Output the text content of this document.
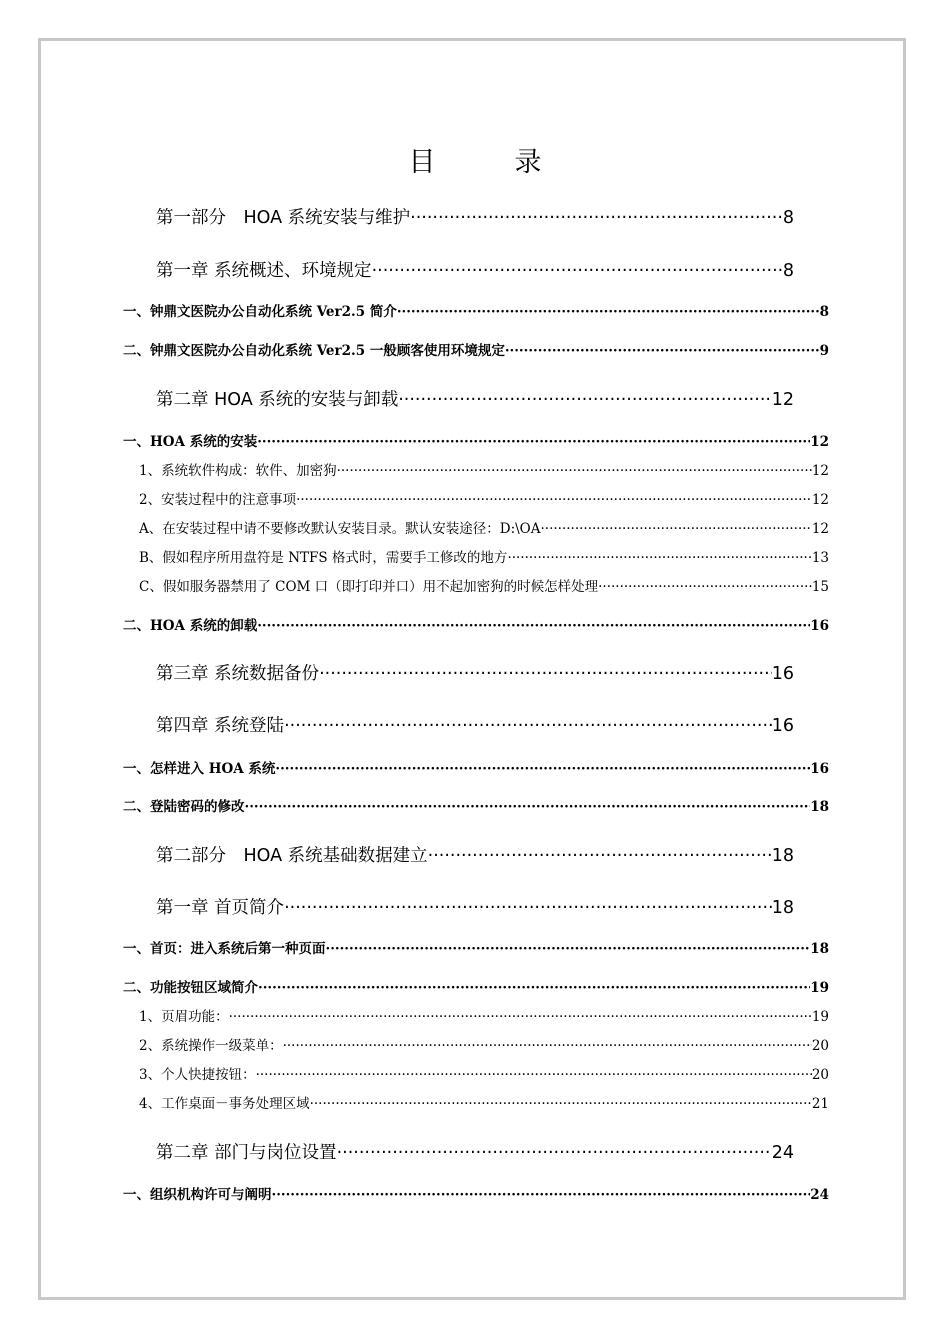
目　录
第一部分　HOA 系统安装与维护 ·····	8
第一章 系统概述、环境规定 ·····	8
一、钟鼎文医院办公自动化系统 Ver2.5 简介 ·····	8
二、钟鼎文医院办公自动化系统 Ver2.5 一般顾客使用环境规定 ·····	9
第二章 HOA 系统的安装与卸载 ·····	12
一、HOA 系统的安装 ·····	12
1、系统软件构成：软件、加密狗 ·····	12
2、安装过程中的注意事项 ·····	12
A、在安装过程中请不要修改默认安装目录。默认安装途径：D:\OA ·····	12
B、假如程序所用盘符是 NTFS 格式时，需要手工修改的地方 ·····	13
C、假如服务器禁用了 COM 口（即打印并口）用不起加密狗的时候怎样处理 ·····	15
二、HOA 系统的卸载 ·····	16
第三章 系统数据备份 ·····	16
第四章 系统登陆 ·····	16
一、怎样进入 HOA 系统 ·····	16
二、登陆密码的修改 ·····	18
第二部分　HOA 系统基础数据建立 ·····	18
第一章 首页简介 ·····	18
一、首页：进入系统后第一种页面 ·····	18
二、功能按钮区域简介 ·····	19
1、页眉功能： ·····	19
2、系统操作一级菜单： ·····	20
3、个人快捷按钮： ·····	20
4、工作桌面－事务处理区域 ·····	21
第二章 部门与岗位设置 ·····	24
一、组织机构许可与阐明 ·····	24
